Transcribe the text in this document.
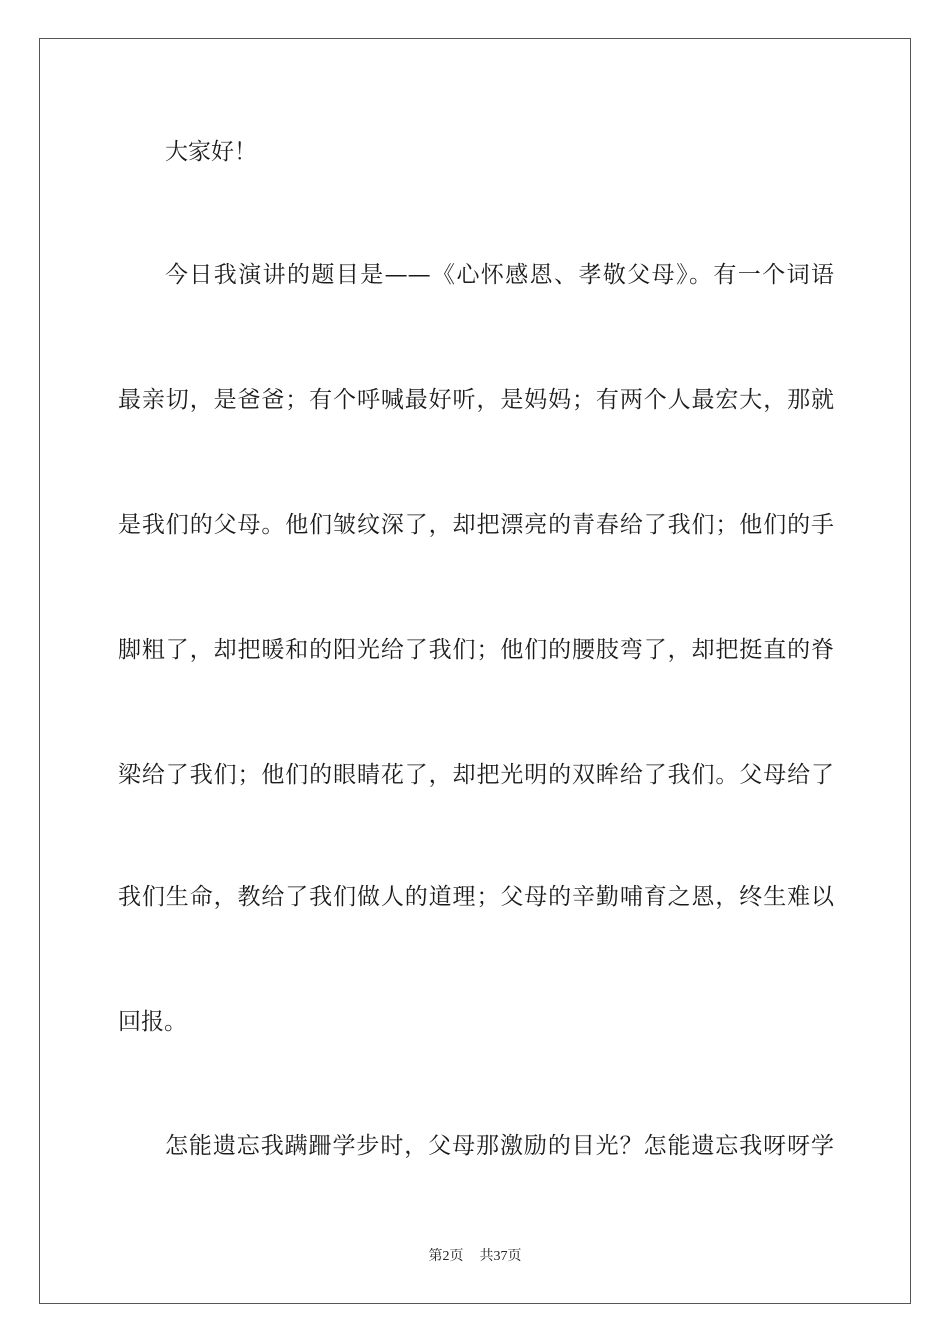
大家好！
今日我演讲的题目是——《心怀感恩、孝敬父母》。有一个词语
最亲切，是爸爸；有个呼喊最好听，是妈妈；有两个人最宏大，那就
是我们的父母。他们皱纹深了，却把漂亮的青春给了我们；他们的手
脚粗了，却把暖和的阳光给了我们；他们的腰肢弯了，却把挺直的脊
梁给了我们；他们的眼睛花了，却把光明的双眸给了我们。父母给了
我们生命，教给了我们做人的道理；父母的辛勤哺育之恩，终生难以
回报。
怎能遗忘我蹒跚学步时，父母那激励的目光？怎能遗忘我呀呀学
第2页 共37页
